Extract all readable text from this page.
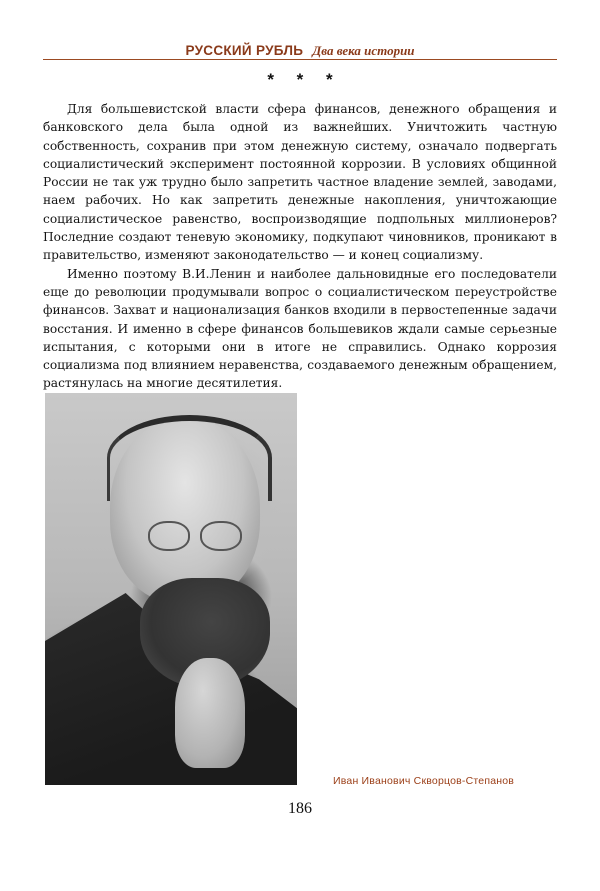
РУССКИЙ РУБЛЬ Два века истории
* * *

Для большевистской власти сфера финансов, денежного обращения и банковского дела была одной из важнейших. Уничтожить частную собственность, сохранив при этом денежную систему, означало подвергать социалистический эксперимент постоянной коррозии. В условиях общинной России не так уж трудно было запретить частное владение землей, заводами, наем рабочих. Но как запретить денежные накопления, уничтожающие социалистическое равенство, воспроизводящие подпольных миллионеров? Последние создают теневую экономику, подкупают чиновников, проникают в правительство, изменяют законодательство — и конец социализму.

Именно поэтому В.И.Ленин и наиболее дальновидные его последователи еще до революции продумывали вопрос о социалистическом переустройстве финансов. Захват и национализация банков входили в первостепенные задачи восстания. И именно в сфере финансов большевиков ждали самые серьезные испытания, с которыми они в итоге не справились. Однако коррозия социализма под влиянием неравенства, создаваемого денежным обращением, растянулась на многие десятилетия.

Иван Иванович Скворцов-Степанов
186
